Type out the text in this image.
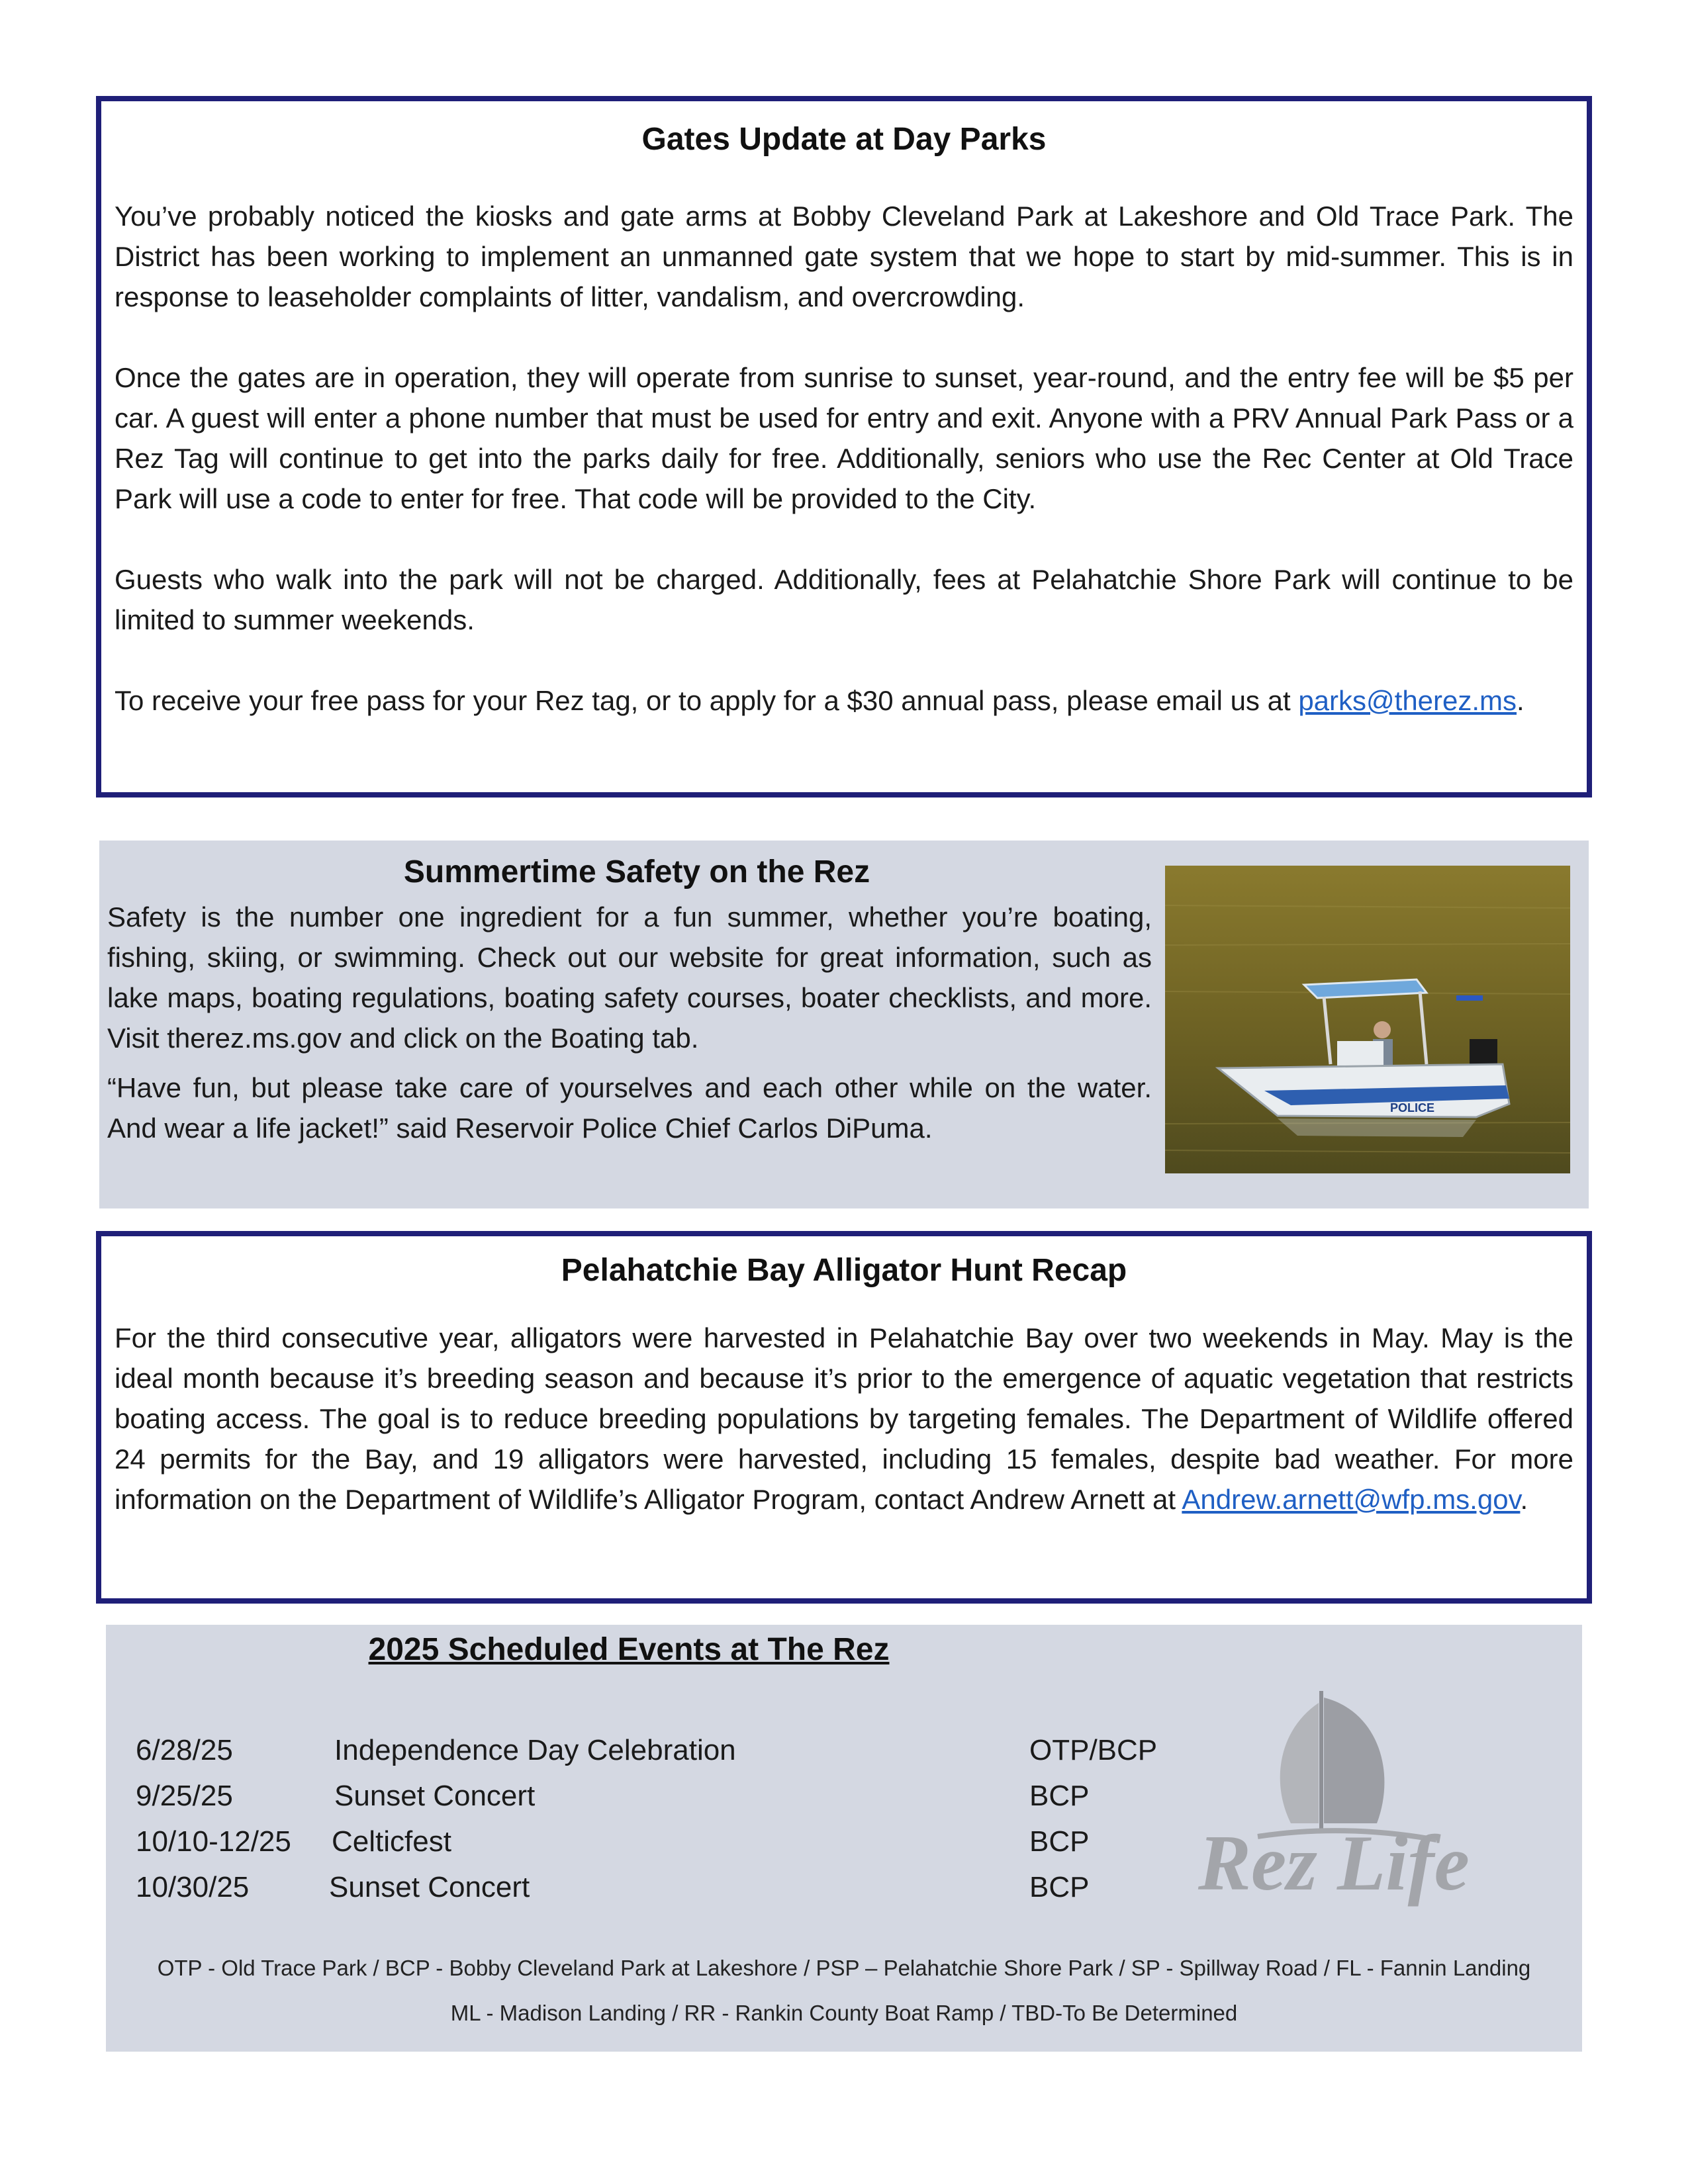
Gates Update at Day Parks

You’ve probably noticed the kiosks and gate arms at Bobby Cleveland Park at Lakeshore and Old Trace Park. The District has been working to implement an unmanned gate system that we hope to start by mid-summer. This is in response to leaseholder complaints of litter, vandalism, and overcrowding.

Once the gates are in operation, they will operate from sunrise to sunset, year-round, and the entry fee will be $5 per car. A guest will enter a phone number that must be used for entry and exit. Anyone with a PRV Annual Park Pass or a Rez Tag will continue to get into the parks daily for free. Additionally, seniors who use the Rec Center at Old Trace Park will use a code to enter for free. That code will be provided to the City.

Guests who walk into the park will not be charged. Additionally, fees at Pelahatchie Shore Park will continue to be limited to summer weekends.

To receive your free pass for your Rez tag, or to apply for a $30 annual pass, please email us at parks@therez.ms.

Summertime Safety on the Rez

Safety is the number one ingredient for a fun summer, whether you’re boating, fishing, skiing, or swimming. Check out our website for great information, such as lake maps, boating regulations, boating safety courses, boater checklists, and more. Visit therez.ms.gov and click on the Boating tab.

“Have fun, but please take care of yourselves and each other while on the water. And wear a life jacket!” said Reservoir Police Chief Carlos DiPuma.

POLICE
Pelahatchie Bay Alligator Hunt Recap

For the third consecutive year, alligators were harvested in Pelahatchie Bay over two weekends in May. May is the ideal month because it’s breeding season and because it’s prior to the emergence of aquatic vegetation that restricts boating access. The goal is to reduce breeding populations by targeting females. The Department of Wildlife offered 24 permits for the Bay, and 19 alligators were harvested, including 15 females, despite bad weather. For more information on the Department of Wildlife’s Alligator Program, contact Andrew Arnett at Andrew.arnett@wfp.ms.gov.

2025 Scheduled Events at The Rez
6/28/25	Independence Day Celebration	OTP/BCP
9/25/25	Sunset Concert	BCP
10/10-12/25 Celticfest	BCP
10/30/25	Sunset Concert	BCP
OTP - Old Trace Park / BCP - Bobby Cleveland Park at Lakeshore / PSP – Pelahatchie Shore Park / SP - Spillway Road / FL - Fannin Landing
ML - Madison Landing / RR - Rankin County Boat Ramp / TBD-To Be Determined
Rez Life
